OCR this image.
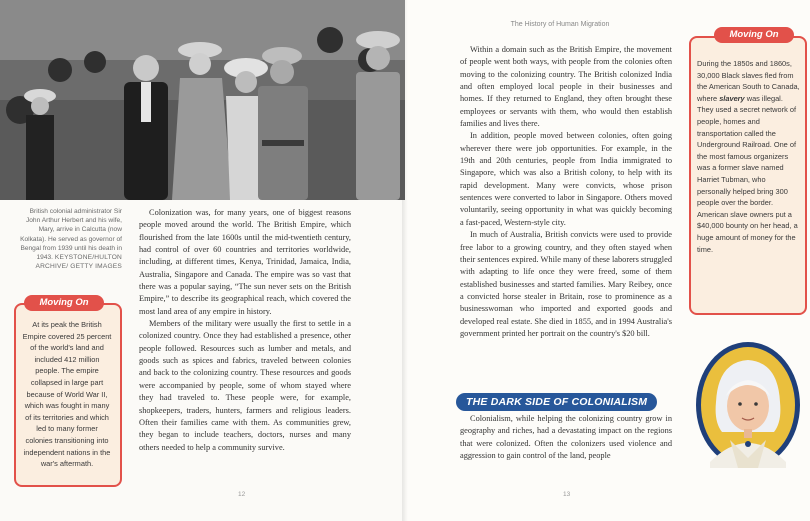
British colonial administrator Sir John Arthur Herbert and his wife, Mary, arrive in Calcutta (now Kolkata). He served as governor of Bengal from 1939 until his death in 1943. KEYSTONE/HULTON ARCHIVE/ GETTY IMAGES
Moving On
At its peak the British Empire covered 25 percent of the world's land and included 412 million people. The empire collapsed in large part because of World War II, which was fought in many of its territories and which led to many former colonies transitioning into independent nations in the war's aftermath.

Colonization was, for many years, one of biggest reasons people moved around the world. The British Empire, which flourished from the late 1600s until the mid-twentieth century, had control of over 60 countries and territories worldwide, including, at different times, Kenya, Trinidad, Jamaica, India, Australia, Singapore and Canada. The empire was so vast that there was a popular saying, “The sun never sets on the British Empire,” to describe its geographical reach, which covered the most land area of any empire in history.

Members of the military were usually the first to settle in a colonized country. Once they had established a presence, other people followed. Resources such as lumber and metals, and goods such as spices and fabrics, traveled between colonies and back to the colonizing country. These resources and goods were accompanied by people, some of whom stayed where they had traveled to. These people were, for example, shopkeepers, traders, hunters, farmers and religious leaders. Often their families came with them. As communities grew, they began to include teachers, doctors, nurses and many others needed to help a community survive.

12
The History of Human Migration

Within a domain such as the British Empire, the movement of people went both ways, with people from the colonies often moving to the colonizing country. The British colonized India and often employed local people in their businesses and homes. If they returned to England, they often brought these employees or servants with them, who would then establish families and lives there.

In addition, people moved between colonies, often going wherever there were job opportunities. For example, in the 19th and 20th centuries, people from India immigrated to Singapore, which was also a British colony, to help with its rapid development. Many were convicts, whose prison sentences were converted to labor in Singapore. Others moved voluntarily, seeing opportunity in what was quickly becoming a fast-paced, Western-style city.

In much of Australia, British convicts were used to provide free labor to a growing country, and they often stayed when their sentences expired. While many of these laborers struggled with adapting to life once they were freed, some of them established businesses and started families. Mary Reibey, once a convicted horse stealer in Britain, rose to prominence as a businesswoman who imported and exported goods and developed real estate. She died in 1855, and in 1994 Australia's government printed her portrait on the country's $20 bill.

THE DARK SIDE OF COLONIALISM

Colonialism, while helping the colonizing country grow in geography and riches, had a devastating impact on the regions that were colonized. Often the colonizers used violence and aggression to gain control of the land, people

13
Moving On
During the 1850s and 1860s, 30,000 Black slaves fled from the American South to Canada, where slavery was illegal. They used a secret network of people, homes and transportation called the Underground Railroad. One of the most famous organizers was a former slave named Harriet Tubman, who personally helped bring 300 people over the border. American slave owners put a $40,000 bounty on her head, a huge amount of money for the time.
